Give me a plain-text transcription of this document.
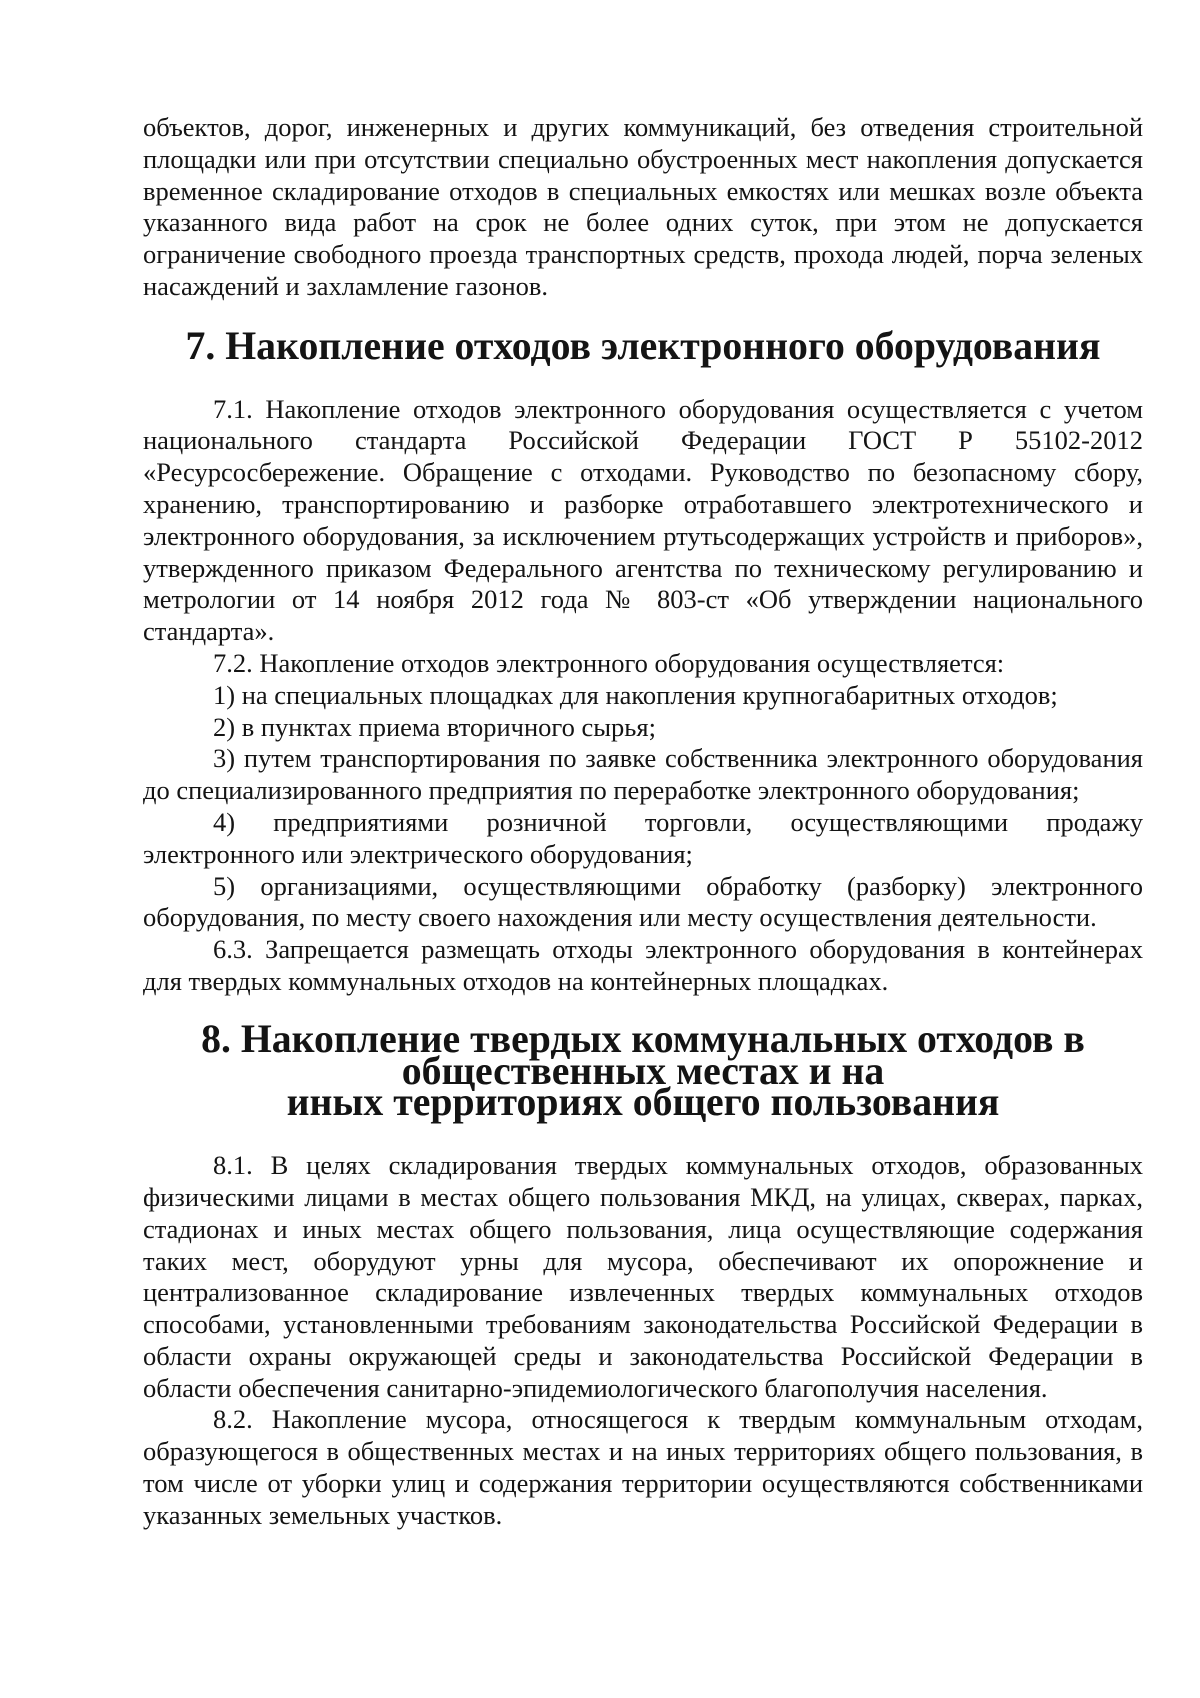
объектов, дорог, инженерных и других коммуникаций, без отведения строительной площадки или при отсутствии специально обустроенных мест накопления допускается временное складирование отходов в специальных емкостях или мешках возле объекта указанного вида работ на срок не более одних суток, при этом не допускается ограничение свободного проезда транспортных средств, прохода людей, порча зеленых насаждений и захламление газонов.

7. Накопление отходов электронного оборудования

7.1. Накопление отходов электронного оборудования осуществляется с учетом национального стандарта Российской Федерации ГОСТ Р 55102-2012 «Ресурсосбережение. Обращение с отходами. Руководство по безопасному сбору, хранению, транспортированию и разборке отработавшего электротехнического и электронного оборудования, за исключением ртутьсодержащих устройств и приборов», утвержденного приказом Федерального агентства по техническому регулированию и метрологии от 14 ноября 2012 года № 803-ст «Об утверждении национального стандарта».

7.2. Накопление отходов электронного оборудования осуществляется:

1) на специальных площадках для накопления крупногабаритных отходов;

2) в пунктах приема вторичного сырья;

3) путем транспортирования по заявке собственника электронного оборудования до специализированного предприятия по переработке электронного оборудования;

4) предприятиями розничной торговли, осуществляющими продажу электронного или электрического оборудования;

5) организациями, осуществляющими обработку (разборку) электронного оборудования, по месту своего нахождения или месту осуществления деятельности.

6.3. Запрещается размещать отходы электронного оборудования в контейнерах для твердых коммунальных отходов на контейнерных площадках.

8. Накопление твердых коммунальных отходов в общественных местах и на
иных территориях общего пользования

8.1. В целях складирования твердых коммунальных отходов, образованных физическими лицами в местах общего пользования МКД, на улицах, скверах, парках, стадионах и иных местах общего пользования, лица осуществляющие содержания таких мест, оборудуют урны для мусора, обеспечивают их опорожнение и централизованное складирование извлеченных твердых коммунальных отходов способами, установленными требованиям законодательства Российской Федерации в области охраны окружающей среды и законодательства Российской Федерации в области обеспечения санитарно-эпидемиологического благополучия населения.

8.2. Накопление мусора, относящегося к твердым коммунальным отходам, образующегося в общественных местах и на иных территориях общего пользования, в том числе от уборки улиц и содержания территории осуществляются собственниками указанных земельных участков.
